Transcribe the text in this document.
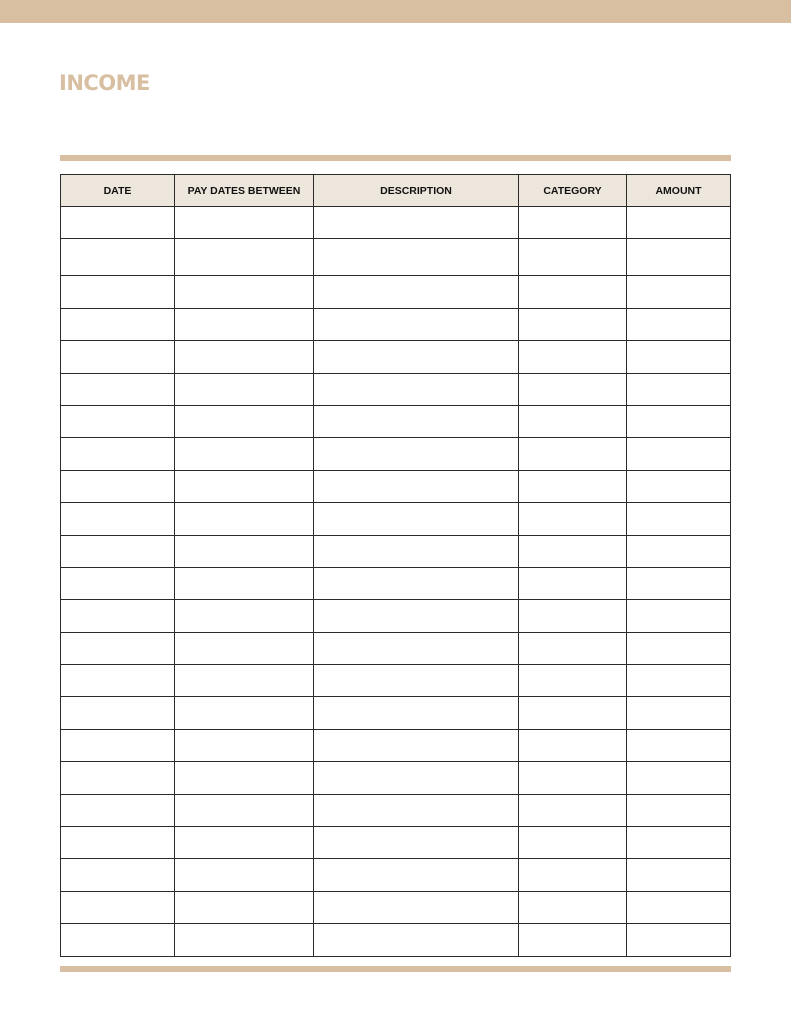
INCOME
DATE	PAY DATES BETWEEN	DESCRIPTION	CATEGORY	AMOUNT
